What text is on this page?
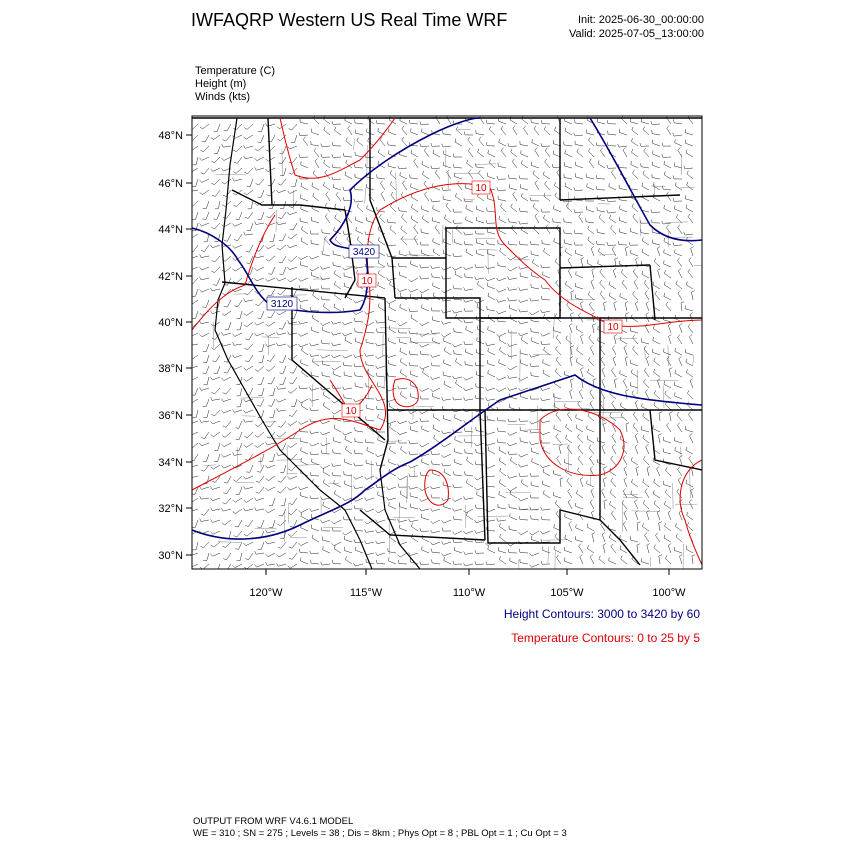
IWFAQRP Western US Real Time WRF	Init: 2025-06-30_00:00:00
Valid: 2025-07-05_13:00:00
Temperature (C)
Height (m)
Winds (kts)
3420
3120
10
10
10
10
48°N
46°N
44°N
42°N
40°N
38°N
36°N
34°N
32°N
30°N
120°W	115°W	110°W	105°W	100°W
Height Contours: 3000 to 3420 by 60
Temperature Contours: 0 to 25 by 5
OUTPUT FROM WRF V4.6.1 MODEL
WE = 310 ; SN = 275 ; Levels = 38 ; Dis = 8km ; Phys Opt = 8 ; PBL Opt = 1 ; Cu Opt = 3
